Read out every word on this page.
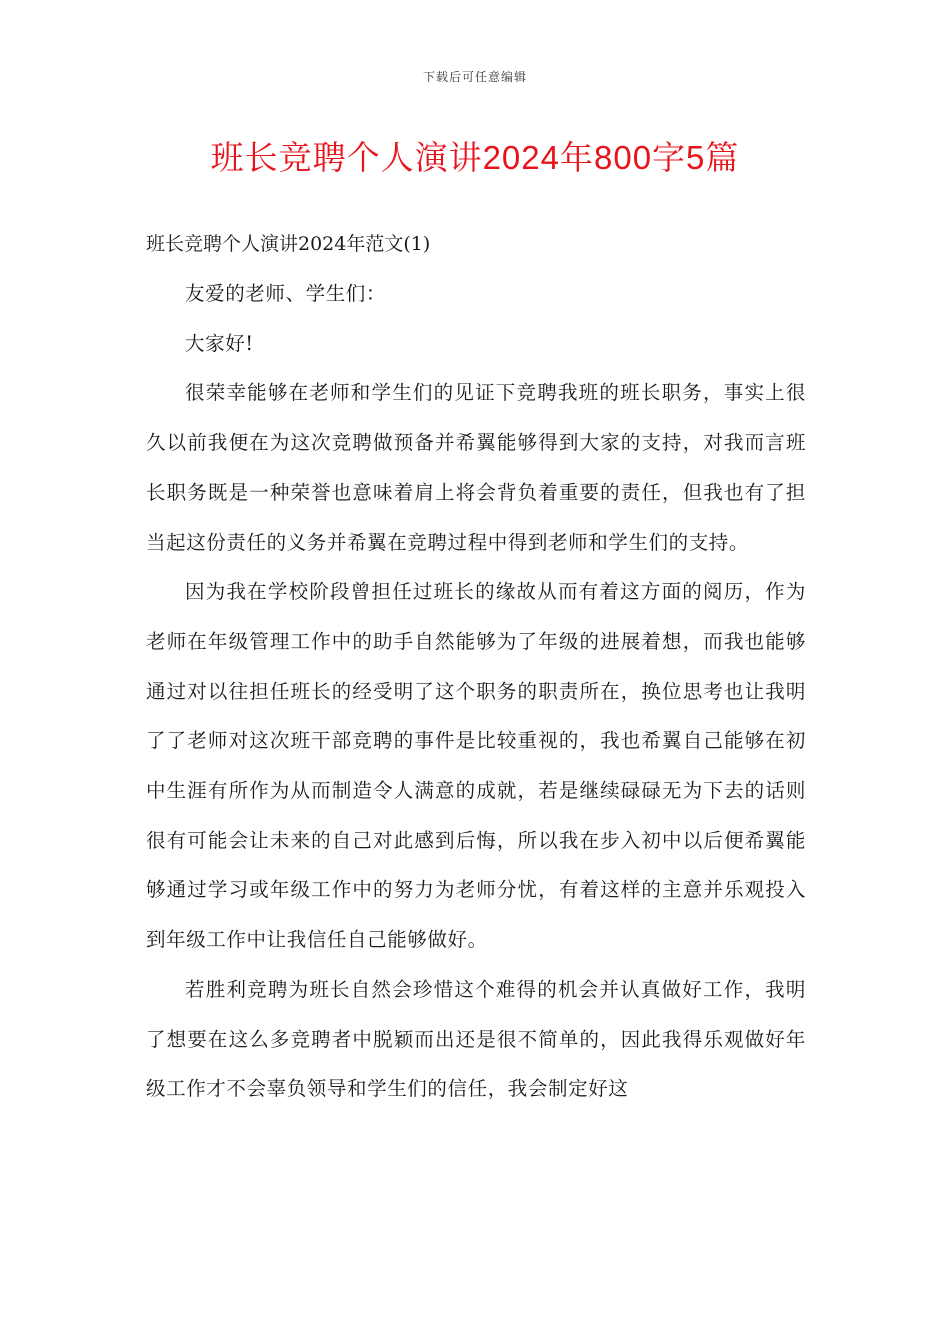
下载后可任意编辑
班长竞聘个人演讲2024年800字5篇

班长竞聘个人演讲2024年范文(1)

友爱的老师、学生们：

大家好!

很荣幸能够在老师和学生们的见证下竞聘我班的班长职务，事实上很久以前我便在为这次竞聘做预备并希翼能够得到大家的支持，对我而言班长职务既是一种荣誉也意味着肩上将会背负着重要的责任，但我也有了担当起这份责任的义务并希翼在竞聘过程中得到老师和学生们的支持。

因为我在学校阶段曾担任过班长的缘故从而有着这方面的阅历，作为老师在年级管理工作中的助手自然能够为了年级的进展着想，而我也能够通过对以往担任班长的经受明了这个职务的职责所在，换位思考也让我明了了老师对这次班干部竞聘的事件是比较重视的，我也希翼自己能够在初中生涯有所作为从而制造令人满意的成就，若是继续碌碌无为下去的话则很有可能会让未来的自己对此感到后悔，所以我在步入初中以后便希翼能够通过学习或年级工作中的努力为老师分忧，有着这样的主意并乐观投入到年级工作中让我信任自己能够做好。

若胜利竞聘为班长自然会珍惜这个难得的机会并认真做好工作，我明了想要在这么多竞聘者中脱颖而出还是很不简单的，因此我得乐观做好年级工作才不会辜负领导和学生们的信任，我会制定好这
